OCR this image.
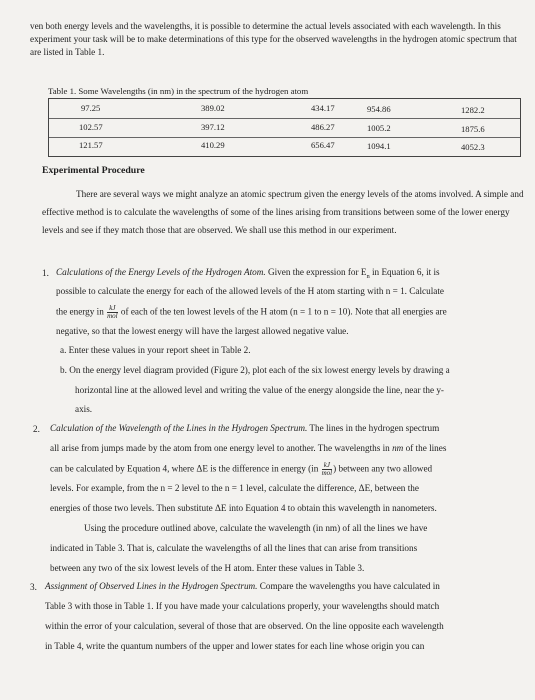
ven both energy levels and the wavelengths, it is possible to determine the actual levels associated with each wavelength. In this experiment your task will be to make determinations of this type for the observed wavelengths in the hydrogen atomic spectrum that are listed in Table 1.
Table 1. Some Wavelengths (in nm) in the spectrum of the hydrogen atom
97.25	389.02	434.17	954.86	1282.2
102.57	397.12	486.27	1005.2	1875.6
121.57	410.29	656.47	1094.1	4052.3
Experimental Procedure
There are several ways we might analyze an atomic spectrum given the energy levels of the atoms involved. A simple and effective method is to calculate the wavelengths of some of the lines arising from transitions between some of the lower energy levels and see if they match those that are observed. We shall use this method in our experiment.
1. Calculations of the Energy Levels of the Hydrogen Atom. Given the expression for $E_n$ in Equation 6, it is
possible to calculate the energy for each of the allowed levels of the H atom starting with n = 1. Calculate
the energy in $\frac{kJ}{\text{mol}}$ of each of the ten lowest levels of the H atom (n = 1 to n = 10). Note that all energies are
negative, so that the lowest energy will have the largest allowed negative value.
a. Enter these values in your report sheet in Table 2.
b. On the energy level diagram provided (Figure 2), plot each of the six lowest energy levels by drawing a
horizontal line at the allowed level and writing the value of the energy alongside the line, near the y-
axis.
2. Calculation of the Wavelength of the Lines in the Hydrogen Spectrum. The lines in the hydrogen spectrum
all arise from jumps made by the atom from one energy level to another. The wavelengths in nm of the lines
can be calculated by Equation 4, where ΔE is the difference in energy ($in \frac{kJ}{\text{mol}}$ ) between any two allowed
levels. For example, from the n = 2 level to the n = 1 level, calculate the difference, ΔE, between the
energies of those two levels. Then substitute ΔE into Equation 4 to obtain this wavelength in nanometers.
Using the procedure outlined above, calculate the wavelength (in nm) of all the lines we have
indicated in Table 3. That is, calculate the wavelengths of all the lines that can arise from transitions
between any two of the six lowest levels of the H atom. Enter these values in Table 3.
3. Assignment of Observed Lines in the Hydrogen Spectrum. Compare the wavelengths you have calculated in
Table 3 with those in Table 1. If you have made your calculations properly, your wavelengths should match
within the error of your calculation, several of those that are observed. On the line opposite each wavelength
in Table 4, write the quantum numbers of the upper and lower states for each line whose origin you can
